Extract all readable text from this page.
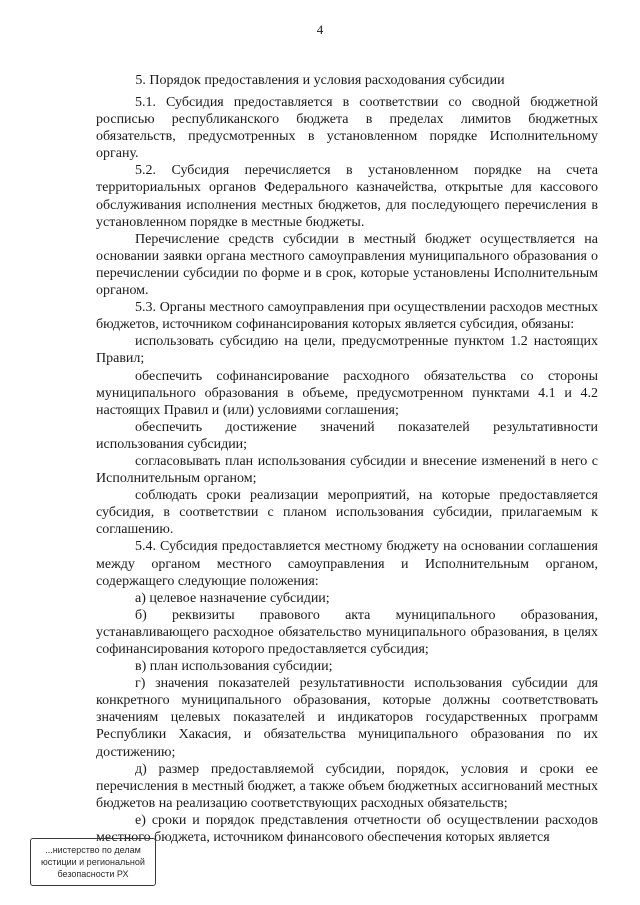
4
5. Порядок предоставления и условия расходования субсидии

5.1. Субсидия предоставляется в соответствии со сводной бюджетной росписью республиканского бюджета в пределах лимитов бюджетных обязательств, предусмотренных в установленном порядке Исполнительному органу.

5.2. Субсидия перечисляется в установленном порядке на счета территориальных органов Федерального казначейства, открытые для кассового обслуживания исполнения местных бюджетов, для последующего перечисления в установленном порядке в местные бюджеты.

Перечисление средств субсидии в местный бюджет осуществляется на основании заявки органа местного самоуправления муниципального образования о перечислении субсидии по форме и в срок, которые установлены Исполнительным органом.

5.3. Органы местного самоуправления при осуществлении расходов местных бюджетов, источником софинансирования которых является субсидия, обязаны:

использовать субсидию на цели, предусмотренные пунктом 1.2 настоящих Правил;

обеспечить софинансирование расходного обязательства со стороны муниципального образования в объеме, предусмотренном пунктами 4.1 и 4.2 настоящих Правил и (или) условиями соглашения;

обеспечить достижение значений показателей результативности использования субсидии;

согласовывать план использования субсидии и внесение изменений в него с Исполнительным органом;

соблюдать сроки реализации мероприятий, на которые предоставляется субсидия, в соответствии с планом использования субсидии, прилагаемым к соглашению.

5.4. Субсидия предоставляется местному бюджету на основании соглашения между органом местного самоуправления и Исполнительным органом, содержащего следующие положения:

а) целевое назначение субсидии;

б) реквизиты правового акта муниципального образования, устанавливающего расходное обязательство муниципального образования, в целях софинансирования которого предоставляется субсидия;

в) план использования субсидии;

г) значения показателей результативности использования субсидии для конкретного муниципального образования, которые должны соответствовать значениям целевых показателей и индикаторов государственных программ Республики Хакасия, и обязательства муниципального образования по их достижению;

д) размер предоставляемой субсидии, порядок, условия и сроки ее перечисления в местный бюджет, а также объем бюджетных ассигнований местных бюджетов на реализацию соответствующих расходных обязательств;

е) сроки и порядок представления отчетности об осуществлении расходов местного бюджета, источником финансового обеспечения которых является

...нистерство по делам
юстиции и региональной
безопасности РХ
